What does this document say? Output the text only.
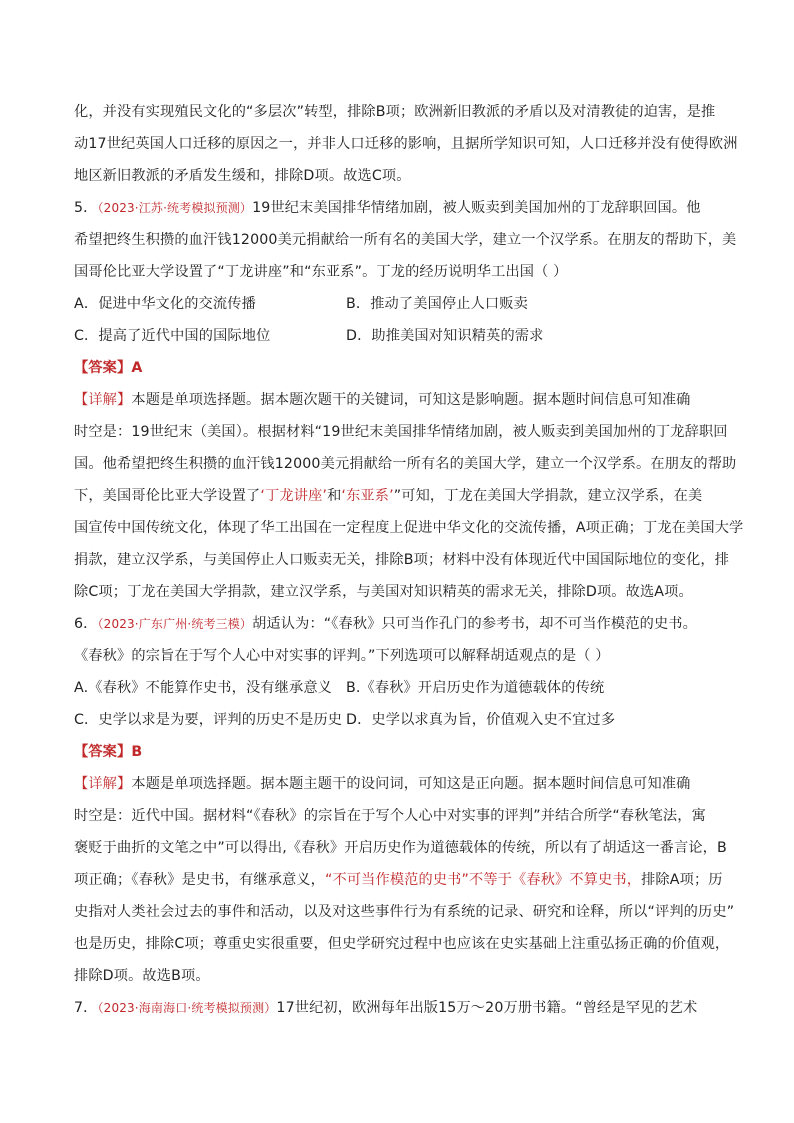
化，并没有实现殖民文化的“多层次”转型，排除B项；欧洲新旧教派的矛盾以及对清教徒的迫害，是推
动17世纪英国人口迁移的原因之一，并非人口迁移的影响，且据所学知识可知，人口迁移并没有使得欧洲
地区新旧教派的矛盾发生缓和，排除D项。故选C项。
5．（2023·江苏·统考模拟预测）19世纪末美国排华情绪加剧，被人贩卖到美国加州的丁龙辞职回国。他
希望把终生积攒的血汗钱12000美元捐献给一所有名的美国大学，建立一个汉学系。在朋友的帮助下，美
国哥伦比亚大学设置了“丁龙讲座”和“东亚系”。丁龙的经历说明华工出国（ ）
A．促进中华文化的交流传播	B．推动了美国停止人口贩卖
C．提高了近代中国的国际地位	D．助推美国对知识精英的需求
【答案】A
【详解】本题是单项选择题。据本题次题干的关键词，可知这是影响题。据本题时间信息可知准确
时空是：19世纪末（美国）。根据材料“19世纪末美国排华情绪加剧，被人贩卖到美国加州的丁龙辞职回
国。他希望把终生积攒的血汗钱12000美元捐献给一所有名的美国大学，建立一个汉学系。在朋友的帮助
下，美国哥伦比亚大学设置了‘丁龙讲座’和‘东亚系’”可知，丁龙在美国大学捐款，建立汉学系，在美
国宣传中国传统文化，体现了华工出国在一定程度上促进中华文化的交流传播，A项正确；丁龙在美国大学
捐款，建立汉学系，与美国停止人口贩卖无关，排除B项；材料中没有体现近代中国国际地位的变化，排
除C项；丁龙在美国大学捐款，建立汉学系，与美国对知识精英的需求无关，排除D项。故选A项。
6．（2023·广东广州·统考三模）胡适认为：“《春秋》只可当作孔门的参考书，却不可当作模范的史书。
《春秋》的宗旨在于写个人心中对实事的评判。”下列选项可以解释胡适观点的是（ ）
A.《春秋》不能算作史书，没有继承意义 B.《春秋》开启历史作为道德载体的传统
C．史学以求是为要，评判的历史不是历史 D．史学以求真为旨，价值观入史不宜过多
【答案】B
【详解】本题是单项选择题。据本题主题干的设问词，可知这是正向题。据本题时间信息可知准确
时空是：近代中国。据材料“《春秋》的宗旨在于写个人心中对实事的评判”并结合所学“春秋笔法，寓
褒贬于曲折的文笔之中”可以得出,《春秋》开启历史作为道德载体的传统，所以有了胡适这一番言论，B
项正确；《春秋》是史书，有继承意义，“不可当作模范的史书”不等于《春秋》不算史书，排除A项；历
史指对人类社会过去的事件和活动，以及对这些事件行为有系统的记录、研究和诠释，所以“评判的历史”
也是历史，排除C项；尊重史实很重要，但史学研究过程中也应该在史实基础上注重弘扬正确的价值观，
排除D项。故选B项。
7．（2023·海南海口·统考模拟预测）17世纪初，欧洲每年出版15万～20万册书籍。“曾经是罕见的艺术
